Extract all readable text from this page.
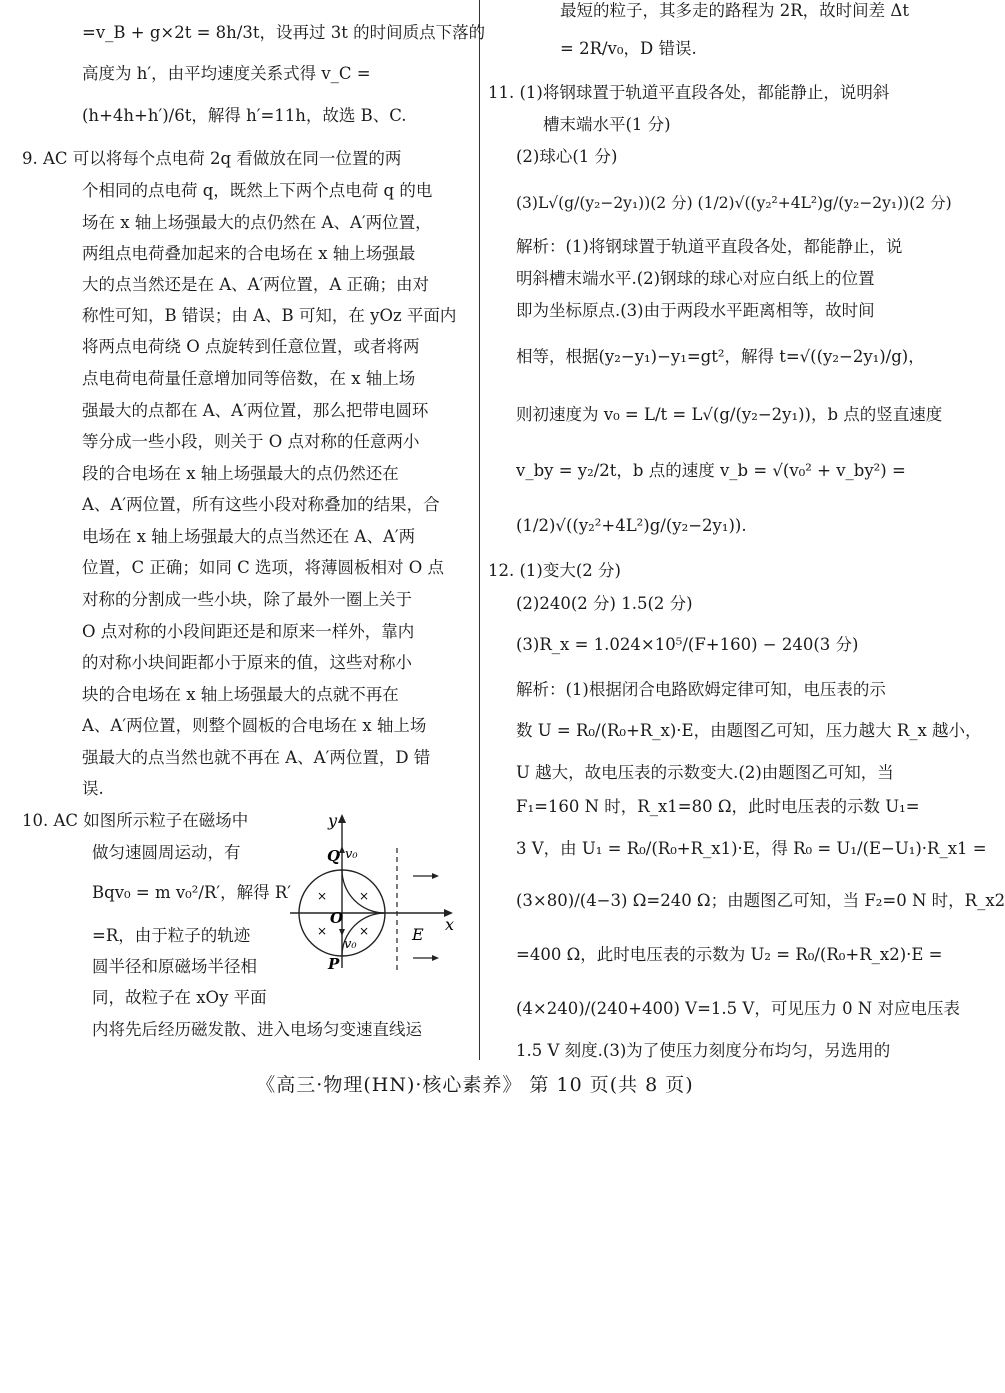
=v_B + g×2t = 8h/3t，设再过 3t 的时间质点下落的
高度为 h′，由平均速度关系式得 v_C =
(h+4h+h′)/6t，解得 h′=11h，故选 B、C.
9. AC 可以将每个点电荷 2q 看做放在同一位置的两
个相同的点电荷 q，既然上下两个点电荷 q 的电
场在 x 轴上场强最大的点仍然在 A、A′两位置，
两组点电荷叠加起来的合电场在 x 轴上场强最
大的点当然还是在 A、A′两位置，A 正确；由对
称性可知，B 错误；由 A、B 可知，在 yOz 平面内
将两点电荷绕 O 点旋转到任意位置，或者将两
点电荷电荷量任意增加同等倍数，在 x 轴上场
强最大的点都在 A、A′两位置，那么把带电圆环
等分成一些小段，则关于 O 点对称的任意两小
段的合电场在 x 轴上场强最大的点仍然还在
A、A′两位置，所有这些小段对称叠加的结果，合
电场在 x 轴上场强最大的点当然还在 A、A′两
位置，C 正确；如同 C 选项，将薄圆板相对 O 点
对称的分割成一些小块，除了最外一圈上关于
O 点对称的小段间距还是和原来一样外，靠内
的对称小块间距都小于原来的值，这些对称小
块的合电场在 x 轴上场强最大的点就不再在
A、A′两位置，则整个圆板的合电场在 x 轴上场
强最大的点当然也就不再在 A、A′两位置，D 错
误.
10. AC 如图所示粒子在磁场中
做匀速圆周运动，有
Bqv₀ = m v₀²/R′，解得 R′
=R，由于粒子的轨迹
圆半径和原磁场半径相
同，故粒子在 xOy 平面
内将先后经历磁发散、进入电场匀变速直线运
y
x
E
×	×
×	×
Q
P
O
v₀
v₀
最短的粒子，其多走的路程为 2R，故时间差 Δt
= 2R/v₀，D 错误.
11. (1)将钢球置于轨道平直段各处，都能静止，说明斜
槽末端水平(1 分)
(2)球心(1 分)
(3)L√(g/(y₂−2y₁))(2 分) (1/2)√((y₂²+4L²)g/(y₂−2y₁))(2 分)
解析：(1)将钢球置于轨道平直段各处，都能静止，说
明斜槽末端水平.(2)钢球的球心对应白纸上的位置
即为坐标原点.(3)由于两段水平距离相等，故时间
相等，根据(y₂−y₁)−y₁=gt²，解得 t=√((y₂−2y₁)/g)，
则初速度为 v₀ = L/t = L√(g/(y₂−2y₁))，b 点的竖直速度
v_by = y₂/2t，b 点的速度 v_b = √(v₀² + v_by²) =
(1/2)√((y₂²+4L²)g/(y₂−2y₁)).
12. (1)变大(2 分)
(2)240(2 分) 1.5(2 分)
(3)R_x = 1.024×10⁵/(F+160) − 240(3 分)
解析：(1)根据闭合电路欧姆定律可知，电压表的示
数 U = R₀/(R₀+R_x)·E，由题图乙可知，压力越大 R_x 越小，
U 越大，故电压表的示数变大.(2)由题图乙可知，当
F₁=160 N 时，R_x1=80 Ω，此时电压表的示数 U₁=
3 V，由 U₁ = R₀/(R₀+R_x1)·E，得 R₀ = U₁/(E−U₁)·R_x1 =
(3×80)/(4−3) Ω=240 Ω；由题图乙可知，当 F₂=0 N 时，R_x2
=400 Ω，此时电压表的示数为 U₂ = R₀/(R₀+R_x2)·E =
(4×240)/(240+400) V=1.5 V，可见压力 0 N 对应电压表
1.5 V 刻度.(3)为了使压力刻度分布均匀，另选用的
《高三·物理(HN)·核心素养》 第 10 页(共 8 页)
